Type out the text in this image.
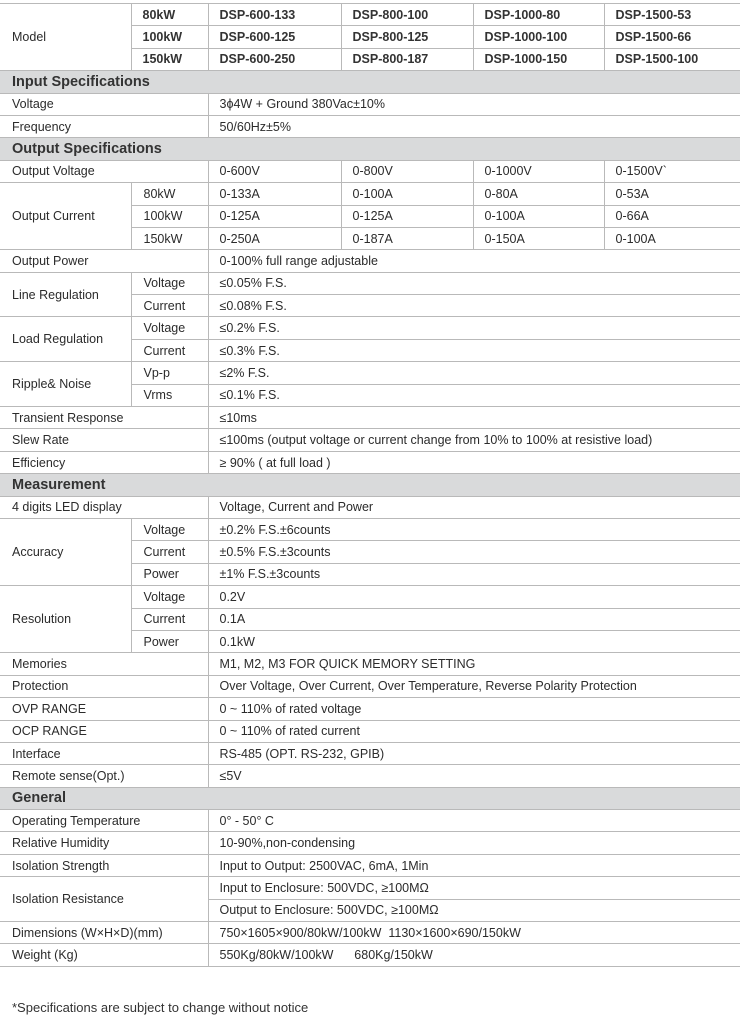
Model	80kW	DSP-600-133	DSP-800-100	DSP-1000-80	DSP-1500-53
	100kW	DSP-600-125	DSP-800-125	DSP-1000-100	DSP-1500-66
	150kW	DSP-600-250	DSP-800-187	DSP-1000-150	DSP-1500-100
Input Specifications					
Voltage		3ϕ4W + Ground 380Vac±10%			
Frequency		50/60Hz±5%			
Output Specifications					
Output Voltage		0-600V	0-800V	0-1000V	0-1500V`
Output Current	80kW	0-133A	0-100A	0-80A	0-53A
	100kW	0-125A	0-125A	0-100A	0-66A
	150kW	0-250A	0-187A	0-150A	0-100A
Output Power		0-100% full range adjustable			
Line Regulation	Voltage	≤0.05% F.S.			
	Current	≤0.08% F.S.			
Load Regulation	Voltage	≤0.2% F.S.			
	Current	≤0.3% F.S.			
Ripple& Noise	Vp-p	≤2% F.S.			
	Vrms	≤0.1% F.S.			
Transient Response		≤10ms			
Slew Rate		≤100ms (output voltage or current change from 10% to 100% at resistive load)			
Efficiency		≥ 90% ( at full load )			
Measurement					
4 digits LED display		Voltage, Current and Power			
Accuracy	Voltage	±0.2% F.S.±6counts			
	Current	±0.5% F.S.±3counts			
	Power	±1% F.S.±3counts			
Resolution	Voltage	0.2V			
	Current	0.1A			
	Power	0.1kW			
Memories		M1, M2, M3 FOR QUICK MEMORY SETTING			
Protection		Over Voltage, Over Current, Over Temperature, Reverse Polarity Protection			
OVP RANGE		0 ~ 110% of rated voltage			
OCP RANGE		0 ~ 110% of rated current			
Interface		RS-485 (OPT. RS-232, GPIB)			
Remote sense(Opt.)		≤5V			
General					
Operating Temperature		0° - 50° C			
Relative Humidity		10-90%,non-condensing			
Isolation Strength		Input to Output: 2500VAC, 6mA, 1Min			
Isolation Resistance		Input to Enclosure: 500VDC, ≥100MΩ			
		Output to Enclosure: 500VDC, ≥100MΩ			
Dimensions (W×H×D)(mm)		750×1605×900/80kW/100kW  1130×1600×690/150kW			
Weight (Kg)		550Kg/80kW/100kW      680Kg/150kW			
*Specifications are subject to change without notice
